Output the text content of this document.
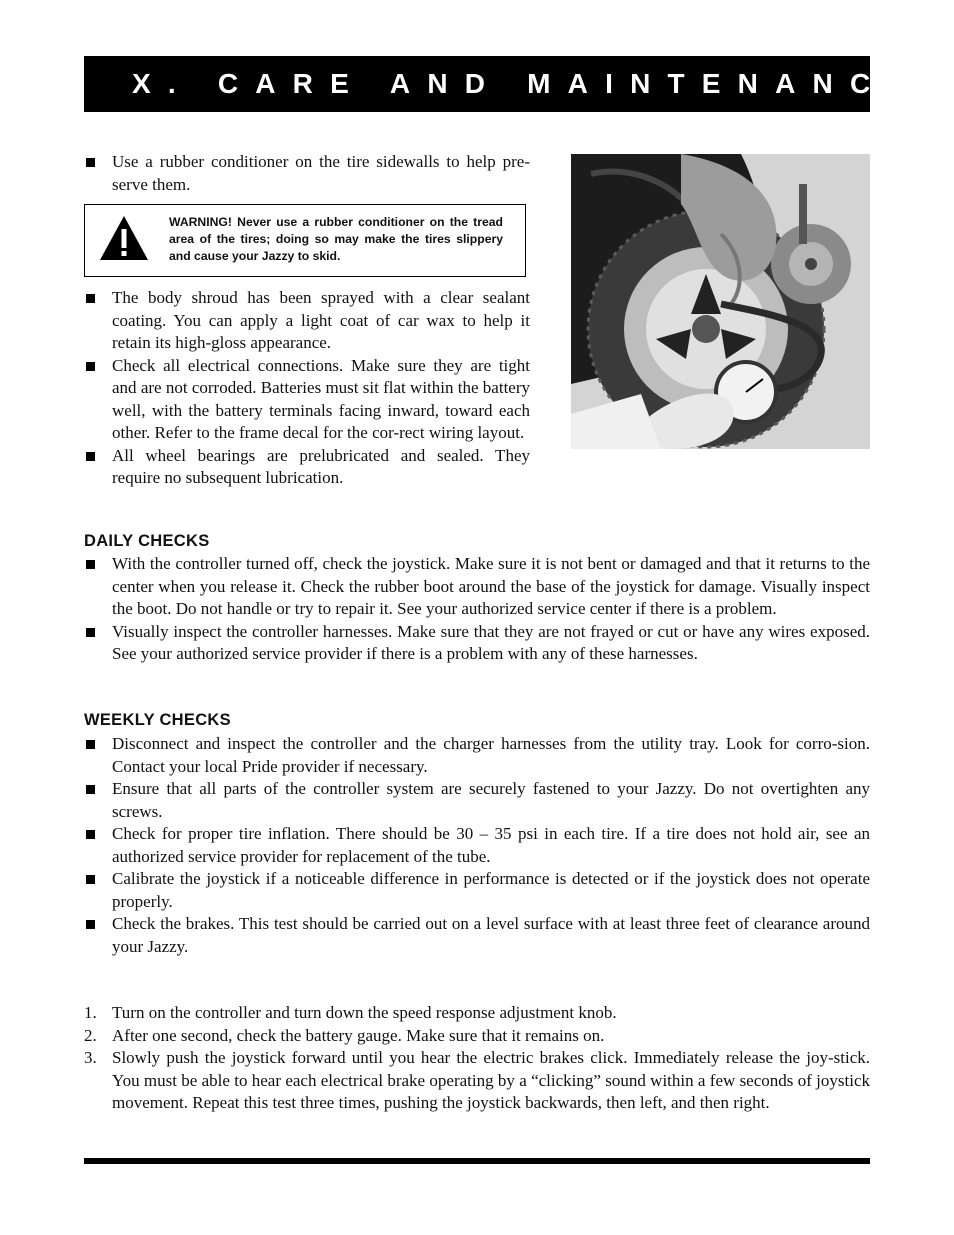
X. CARE AND MAINTENANCE
Use a rubber conditioner on the tire sidewalls to help pre-serve them.
WARNING! Never use a rubber conditioner on the tread area of the tires; doing so may make the tires slippery and cause your Jazzy to skid.
The body shroud has been sprayed with a clear sealant coating. You can apply a light coat of car wax to help it retain its high-gloss appearance.
Check all electrical connections. Make sure they are tight and are not corroded. Batteries must sit flat within the battery well, with the battery terminals facing inward, toward each other. Refer to the frame decal for the cor-rect wiring layout.
All wheel bearings are prelubricated and sealed. They require no subsequent lubrication.
DAILY CHECKS
With the controller turned off, check the joystick. Make sure it is not bent or damaged and that it returns to the center when you release it. Check the rubber boot around the base of the joystick for damage. Visually inspect the boot. Do not handle or try to repair it. See your authorized service center if there is a problem.
Visually inspect the controller harnesses. Make sure that they are not frayed or cut or have any wires exposed. See your authorized service provider if there is a problem with any of these harnesses.
WEEKLY CHECKS
Disconnect and inspect the controller and the charger harnesses from the utility tray. Look for corro-sion. Contact your local Pride provider if necessary.
Ensure that all parts of the controller system are securely fastened to your Jazzy. Do not overtighten any screws.
Check for proper tire inflation. There should be 30 – 35 psi in each tire. If a tire does not hold air, see an authorized service provider for replacement of the tube.
Calibrate the joystick if a noticeable difference in performance is detected or if the joystick does not operate properly.
Check the brakes. This test should be carried out on a level surface with at least three feet of clearance around your Jazzy.
1. Turn on the controller and turn down the speed response adjustment knob.
2. After one second, check the battery gauge. Make sure that it remains on.
3. Slowly push the joystick forward until you hear the electric brakes click. Immediately release the joy-stick. You must be able to hear each electrical brake operating by a “clicking” sound within a few seconds of joystick movement. Repeat this test three times, pushing the joystick backwards, then left, and then right.
